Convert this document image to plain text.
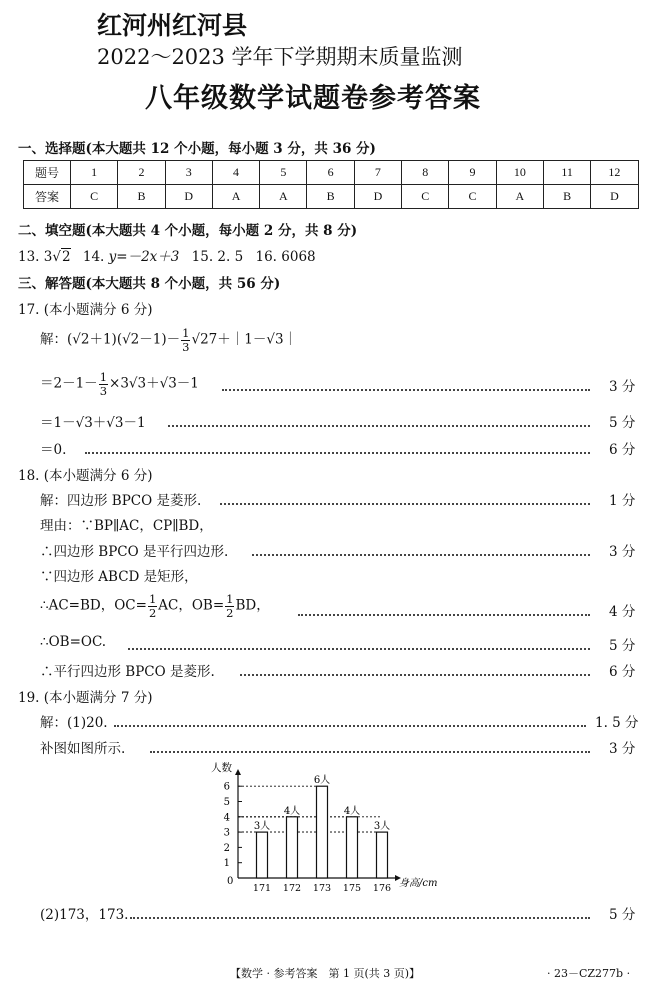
红河州红河县
2022～2023 学年下学期期末质量监测
八年级数学试题卷参考答案
一、选择题(本大题共 12 个小题，每小题 3 分，共 36 分)
题号	1	2	3	4	5	6	7	8	9	10	11	12
答案	C	B	D	A	A	B	D	C	C	A	B	D
二、填空题(本大题共 4 个小题，每小题 2 分，共 8 分)
13. 3√2 14. y=－2x＋3 15. 2. 5 16. 6068
三、解答题(本大题共 8 个小题，共 56 分)
17. (本小题满分 6 分)
解：$(√2+1)(√2-1)- \frac{1}{3}$ √27＋｜1－√3｜
$=2-1- \frac{1}{3} \times 3√3+√3-1$	3 分
＝1－√3＋√3－1	5 分
＝0.	6 分
18. (本小题满分 6 分)
解：四边形 BPCO 是菱形.	1 分
理由：∵BP∥AC，CP∥BD，
∴四边形 BPCO 是平行四边形.	3 分
∵四边形 ABCD 是矩形，
∴AC=BD，$OC= \frac{1}{2}$ AC，$OB= \frac{1}{2}$ BD，	4 分
∴OB=OC.	5 分
∴平行四边形 BPCO 是菱形.	6 分
19. (本小题满分 7 分)
解：(1)20.	1. 5 分
补图如图所示.	3 分
人数
身高/cm
0
1
2
3
4
5
6
3人
171
4人
172
6人
173
4人
175
3人
176
(2)173，173.	5 分
【数学 · 参考答案　第 1 页(共 3 页)】	· 23－CZ277b ·
